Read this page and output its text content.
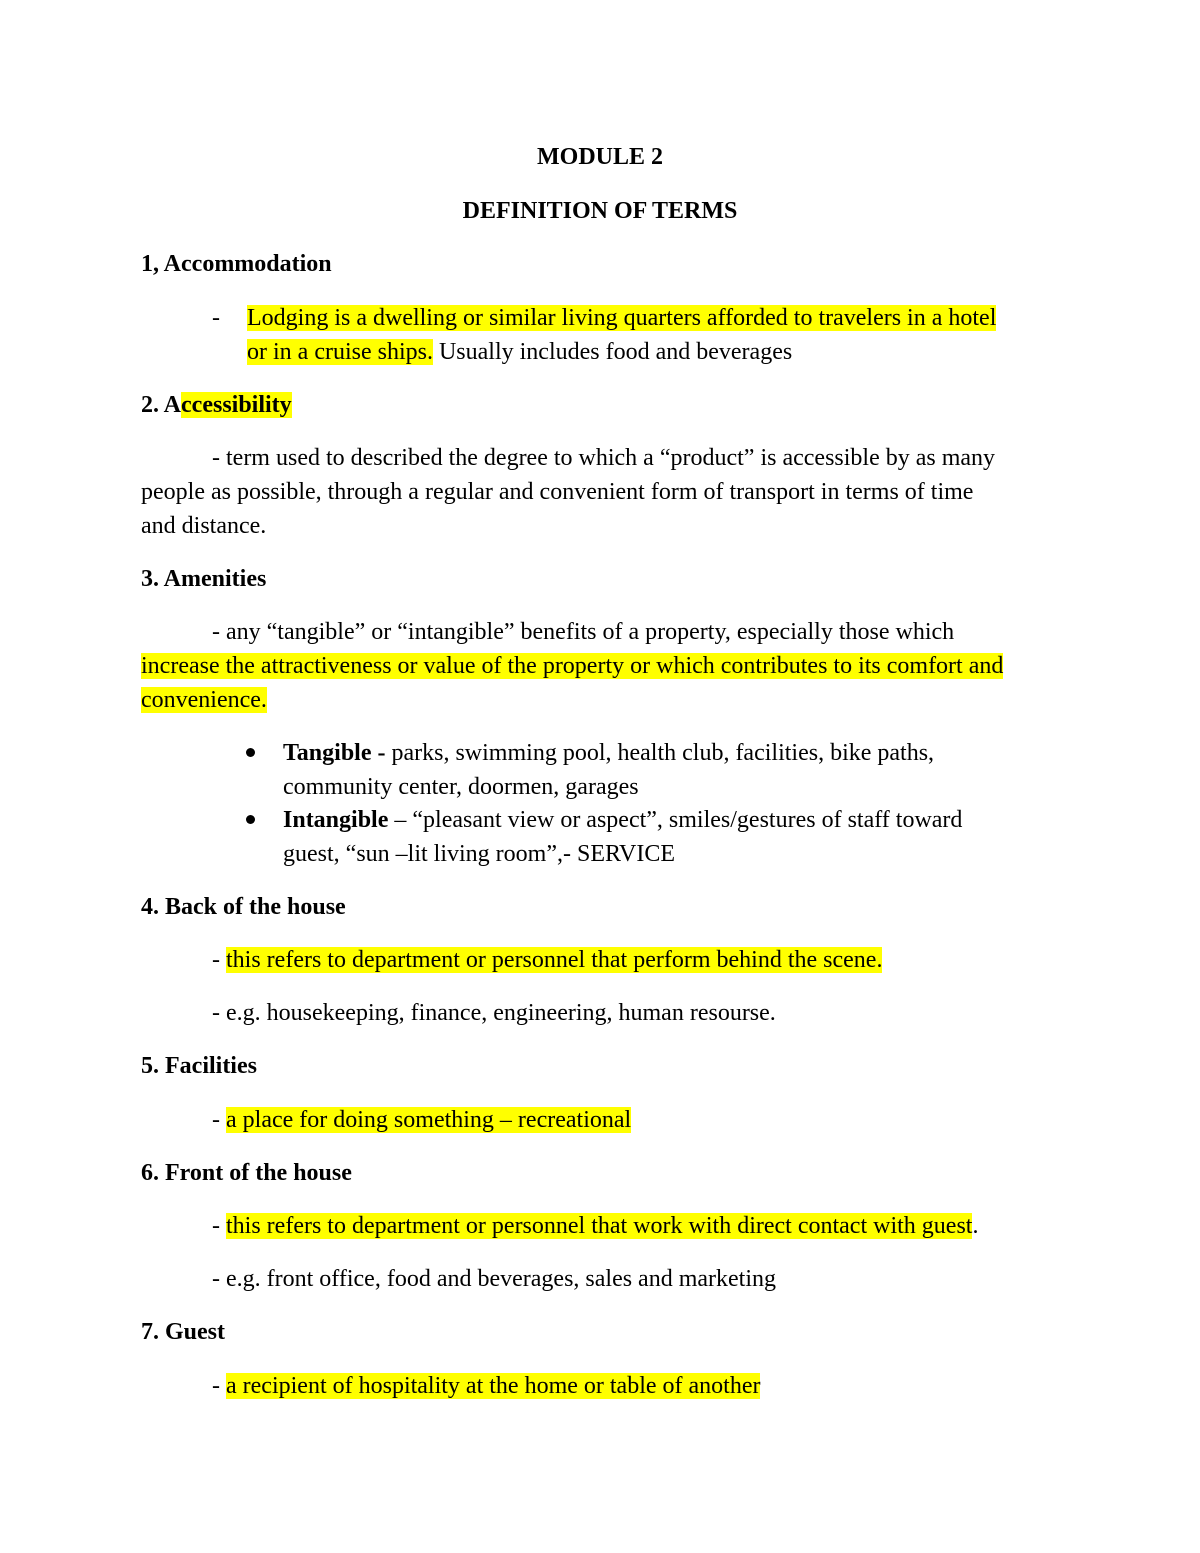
MODULE 2

DEFINITION OF TERMS

1, Accommodation

- Lodging is a dwelling or similar living quarters afforded to travelers in a hotel

or in a cruise ships. Usually includes food and beverages

2. Accessibility

- term used to described the degree to which a “product” is accessible by as many

people as possible, through a regular and convenient form of transport in terms of time

and distance.

3. Amenities

- any “tangible” or “intangible” benefits of a property, especially those which

increase the attractiveness or value of the property or which contributes to its comfort and

convenience.

Tangible - parks, swimming pool, health club, facilities, bike paths,

community center, doormen, garages

Intangible – “pleasant view or aspect”, smiles/gestures of staff toward

guest, “sun –lit living room”,- SERVICE

4. Back of the house

- this refers to department or personnel that perform behind the scene.

- e.g. housekeeping, finance, engineering, human resourse.

5. Facilities

- a place for doing something – recreational

6. Front of the house

- this refers to department or personnel that work with direct contact with guest.

- e.g. front office, food and beverages, sales and marketing

7. Guest

- a recipient of hospitality at the home or table of another
